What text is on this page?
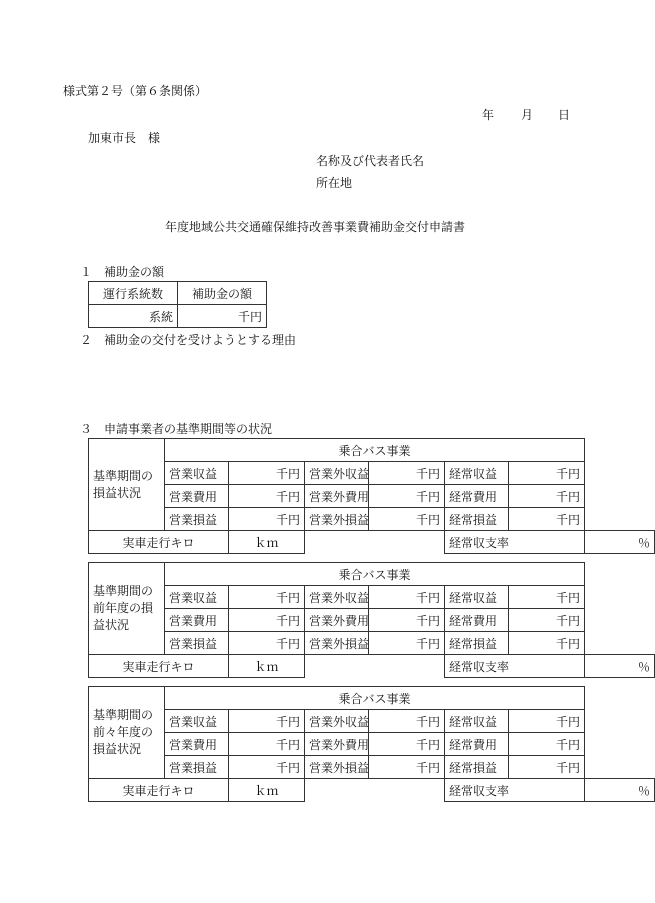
様式第２号（第６条関係）
年 月 日
加東市長　様
名称及び代表者氏名
所在地
年度地域公共交通確保維持改善事業費補助金交付申請書
１　補助金の額
運行系統数	補助金の額
系統	千円
２　補助金の交付を受けようとする理由
３　申請事業者の基準期間等の状況
基準期間の損益状況	乗合バス事業						
	営業収益	千円	営業外収益	千円	経常収益	千円	
	営業費用	千円	営業外費用	千円	経常費用	千円	
	営業損益	千円	営業外損益	千円	経常損益	千円	
実車走行キロ		ｋｍ			経常収支率		％
基準期間の前年度の損益状況	乗合バス事業						
	営業収益	千円	営業外収益	千円	経常収益	千円	
	営業費用	千円	営業外費用	千円	経常費用	千円	
	営業損益	千円	営業外損益	千円	経常損益	千円	
実車走行キロ		ｋｍ			経常収支率		％
基準期間の前々年度の損益状況	乗合バス事業						
	営業収益	千円	営業外収益	千円	経常収益	千円	
	営業費用	千円	営業外費用	千円	経常費用	千円	
	営業損益	千円	営業外損益	千円	経常損益	千円	
実車走行キロ		ｋｍ			経常収支率		％
